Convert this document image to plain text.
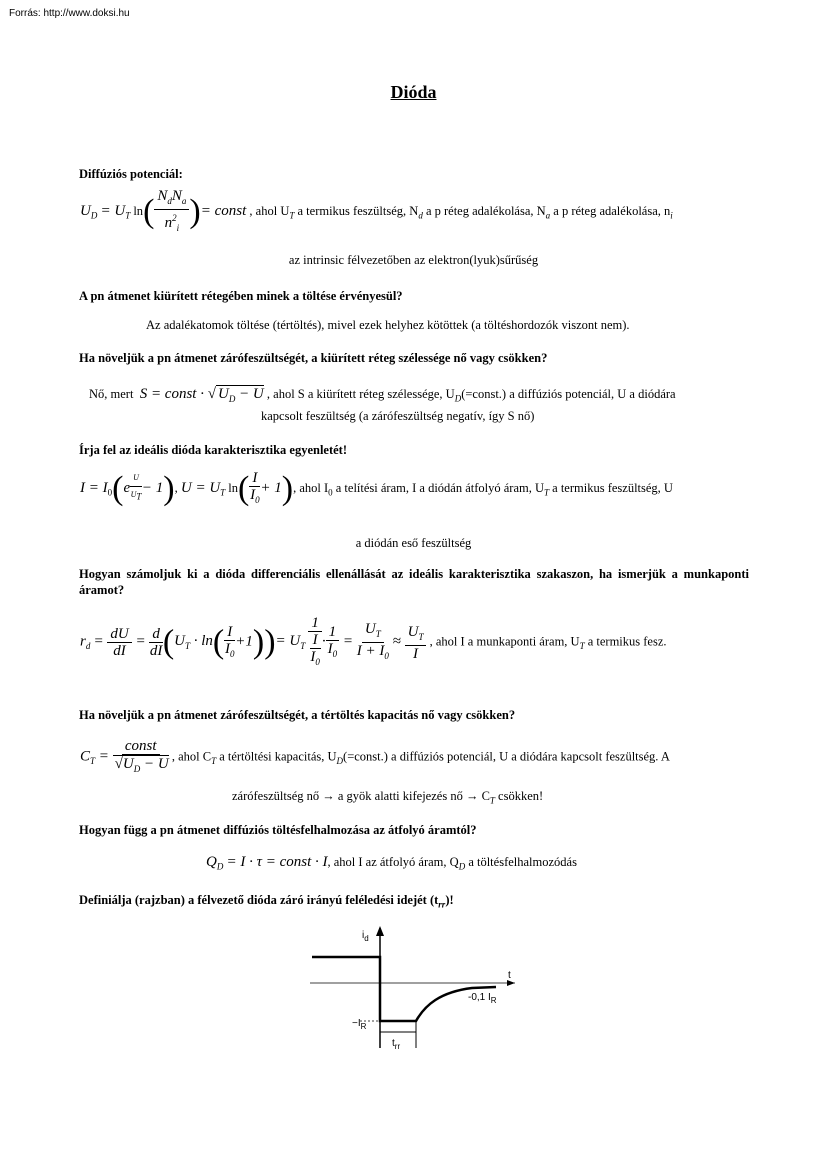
Forrás: http://www.doksi.hu
Dióda
Diffúziós potenciál:
$U_D = U_T$ $\ln( \frac{N_dN_a}{n^2_i}$ )= const , ahol $U_T$ a termikus feszültség, $N_d$ a p réteg adalékolása, $N_a$ a p réteg adalékolása, $n_i$
az intrinsic félvezetőben az elektron(lyuk)sűrűség
A pn átmenet kiürített rétegében minek a töltése érvényesül?
Az adalékatomok töltése (tértöltés), mivel ezek helyhez kötöttek (a töltéshordozók viszont nem).
Ha növeljük a pn átmenet zárófeszültségét, a kiürített réteg szélessége nő vagy csökken?
Nő, mert S = const · √ $U_D - U$ , ahol S a kiürített réteg szélessége, $U_D(=const.)$ a diffúziós potenciál, U a diódára
kapcsolt feszültség (a zárófeszültség negatív, így S nő)
Írja fel az ideális dióda karakterisztika egyenletét!
$I = I_0(e$ $^{\frac{U}{U_T}}$ − 1), $U = U_T$ $\ln( \frac{I}{I_0} + 1)$, ahol $I_0$ a telítési áram, I a diódán átfolyó áram, $U_T$ a termikus feszültség, U
a diódán eső feszültség
Hogyan számoljuk ki a dióda differenciális ellenállását az ideális karakterisztika szakaszon, ha ismerjük a munkaponti áramot?
$r_d = \frac{dU}{dI} = \frac{d}{dI} (U_T \cdot \ln( \frac{I}{I_0} +1))= U_T \frac{1}{\frac{I}{I_0}} \cdot \frac{1}{I_0} = \frac{U_T}{I + I_0} \approx \frac{U_T}{I}$ , ahol I a munkaponti áram, $U_T$ a termikus fesz.
Ha növeljük a pn átmenet zárófeszültségét, a tértöltés kapacitás nő vagy csökken?
$C_T = \frac{\text{const}}{√U_D - U}$ , ahol $C_T$ a tértöltési kapacitás, $U_D(=const.)$ a diffúziós potenciál, U a diódára kapcsolt feszültség. A
zárófeszültség nő → a gyök alatti kifejezés nő → $C_T$ csökken!
Hogyan függ a pn átmenet diffúziós töltésfelhalmozása az átfolyó áramtól?
$Q_D = I \cdot \tau$ = const · I, ahol I az átfolyó áram, $Q_D$ a töltésfelhalmozódás
Definiálja (rajzban) a félvezető dióda záró irányú feléledési idejét $(t_{rr})$!
$i_d$
t
$-I_R$
-0,1 $I_R$
$t_{rr}$
